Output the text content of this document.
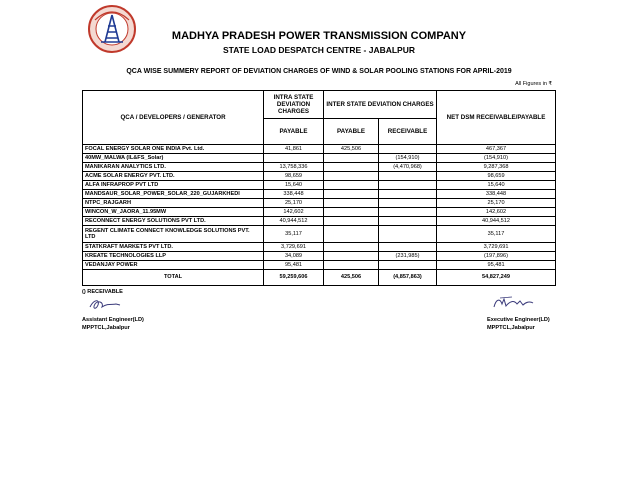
MADHYA PRADESH POWER TRANSMISSION COMPANY
STATE LOAD DESPATCH CENTRE - JABALPUR
QCA WISE SUMMERY REPORT OF DEVIATION CHARGES OF WIND & SOLAR POOLING STATIONS FOR APRIL-2019
All Figures in ₹
QCA / DEVELOPERS / GENERATOR	INTRA STATE DEVIATION CHARGES	INTER STATE DEVIATION CHARGES		NET DSM RECEIVABLE/PAYABLE
	PAYABLE	PAYABLE	RECEIVABLE	
FOCAL ENERGY SOLAR ONE INDIA Pvt. Ltd.	41,861	425,506		467,367
40MW_MALWA (IL&FS_Solar)			(154,910)	(154,910)
MANIKARAN ANALYTICS LTD.	13,758,336		(4,470,968)	9,287,368
ACME SOLAR ENERGY PVT. LTD.	98,659			98,659
ALFA INFRAPROP PVT LTD	15,640			15,640
MANDSAUR_SOLAR_POWER_SOLAR_220_GUJARKHEDI	338,448			338,448
NTPC_RAJGARH	25,170			25,170
WINCON_W_JAORA_11.95MW	142,602			142,602
RECONNECT ENERGY SOLUTIONS PVT LTD.	40,944,512			40,944,512
REGENT CLIMATE CONNECT KNOWLEDGE SOLUTIONS PVT. LTD	35,117			35,117
STATKRAFT MARKETS PVT LTD.	3,729,691			3,729,691
KREATE TECHNOLOGIES LLP	34,089		(231,985)	(197,896)
VEDANJAY POWER	95,481			95,481
TOTAL	59,259,606	425,506	(4,857,863)	54,827,249
() RECEIVABLE
Assistant Engineer(LD)
MPPTCL,Jabalpur
Executive Engineer(LD)
MPPTCL,Jabalpur
